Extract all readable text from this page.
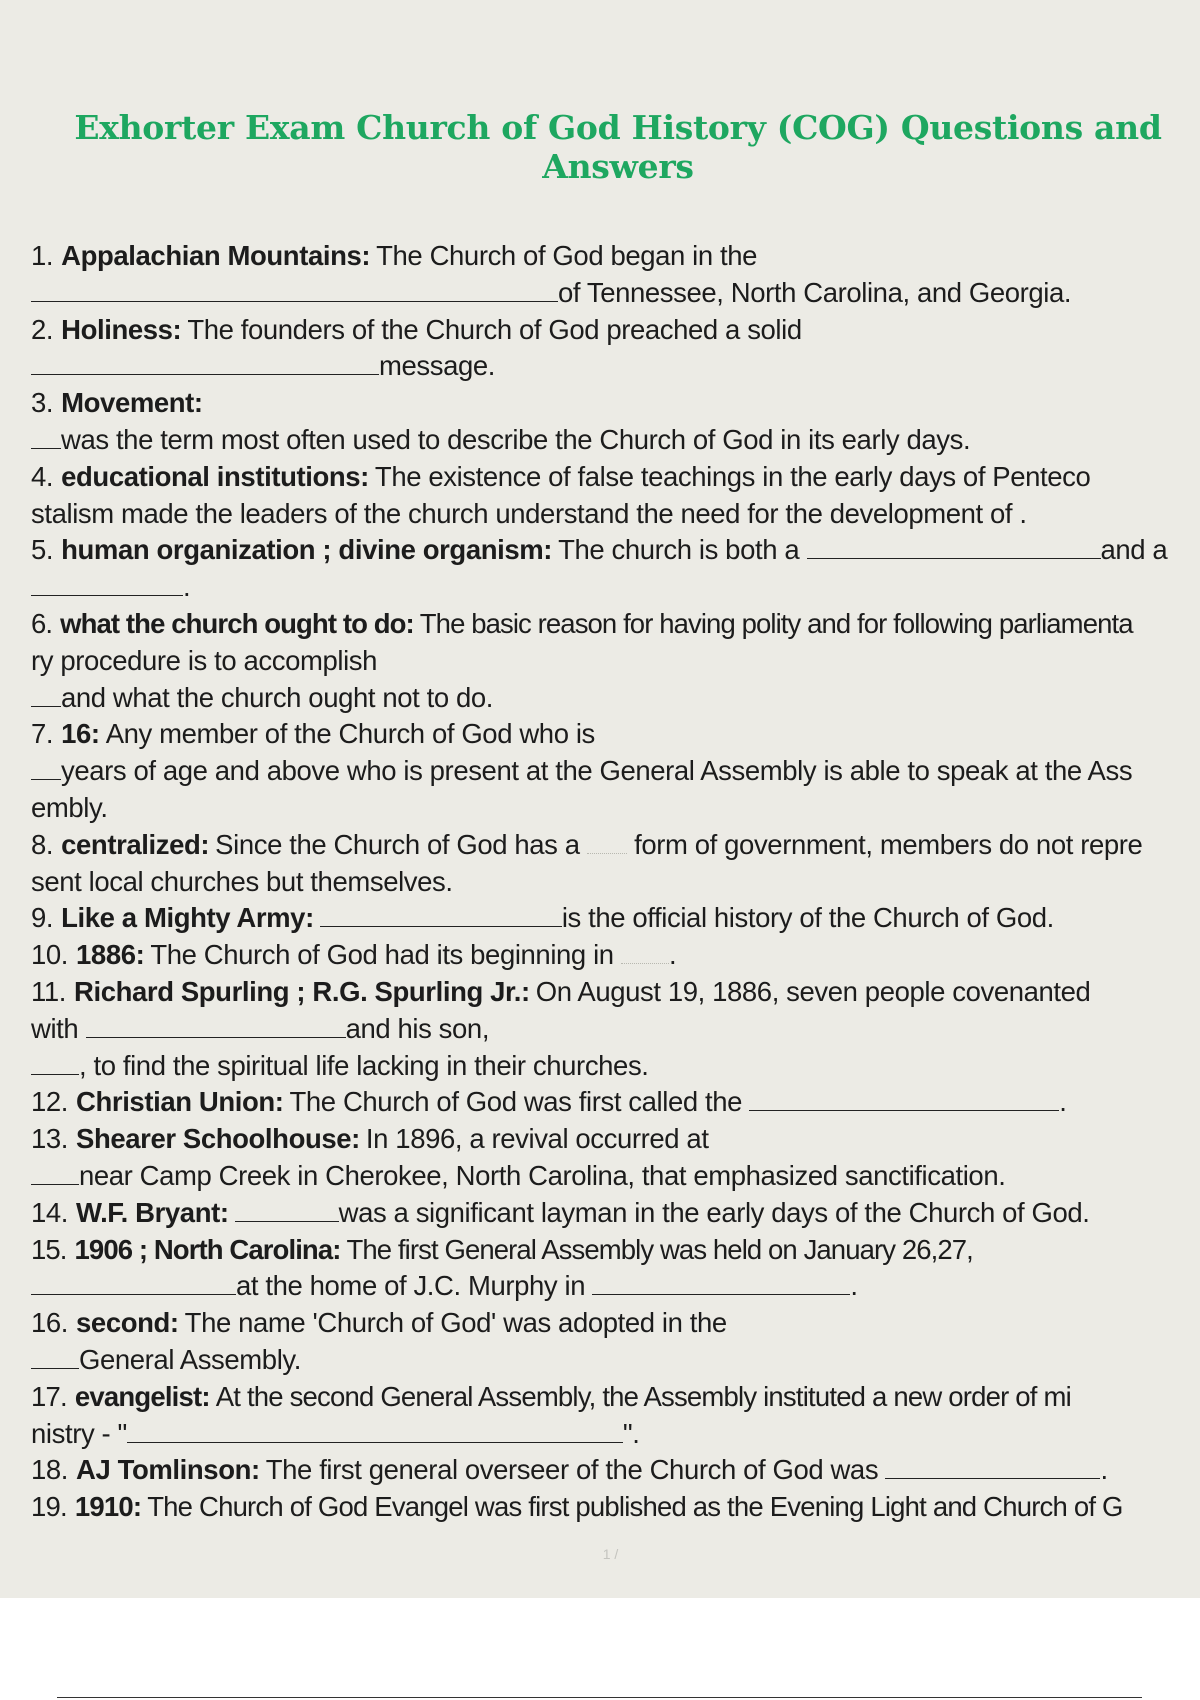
Exhorter Exam Church of God History (COG) Questions and Answers
1. Appalachian Mountains: The Church of God began in the
of Tennessee, North Carolina, and Georgia.
2. Holiness: The founders of the Church of God preached a solid
message.
3. Movement:
was the term most often used to describe the Church of God in its early days.
4. educational institutions: The existence of false teachings in the early days of Penteco
stalism made the leaders of the church understand the need for the development of .
5. human organization ; divine organism: The church is both a	and a
.
6. what the church ought to do: The basic reason for having polity and for following parliamenta
ry procedure is to accomplish
and what the church ought not to do.
7. 16: Any member of the Church of God who is
years of age and above who is present at the General Assembly is able to speak at the Ass
embly.
8. centralized: Since the Church of God has a form of government, members do not repre
sent local churches but themselves.
9. Like a Mighty Army:	is the official history of the Church of God.
10. 1886: The Church of God had its beginning in .
11. Richard Spurling ; R.G. Spurling Jr.: On August 19, 1886, seven people covenanted
with	and his son,
, to find the spiritual life lacking in their churches.
12. Christian Union: The Church of God was first called the	.
13. Shearer Schoolhouse: In 1896, a revival occurred at
near Camp Creek in Cherokee, North Carolina, that emphasized sanctification.
14. W.F. Bryant:	was a significant layman in the early days of the Church of God.
15. 1906 ; North Carolina: The first General Assembly was held on January 26,27,
at the home of J.C. Murphy in	.
16. second: The name 'Church of God' was adopted in the
General Assembly.
17. evangelist: At the second General Assembly, the Assembly instituted a new order of mi
nistry - "	".
18. AJ Tomlinson: The first general overseer of the Church of God was	.
19. 1910: The Church of God Evangel was first published as the Evening Light and Church of G
1 /
